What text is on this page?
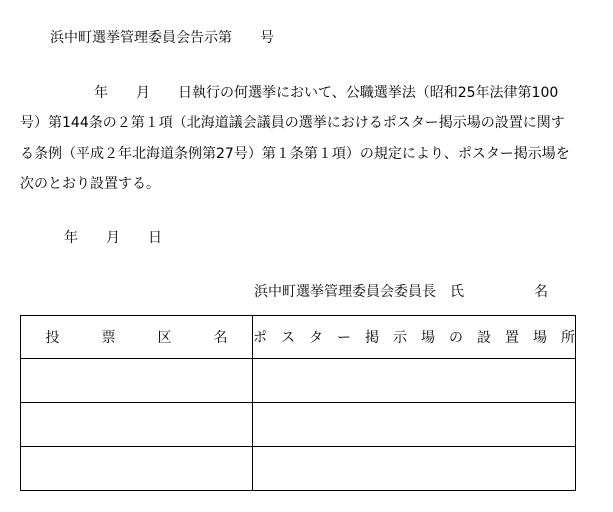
浜中町選挙管理委員会告示第　　号
年　　月　　日執行の何選挙において、公職選挙法（昭和25年法律第100
号）第144条の２第１項（北海道議会議員の選挙におけるポスター掲示場の設置に関す
る条例（平成２年北海道条例第27号）第１条第１項）の規定により、ポスター掲示場を
次のとおり設置する。
年　　月　　日
浜中町選挙管理委員会委員長　氏　　　　　名
投　　　票　　　区　　　名	ポ　ス　タ　ー　掲　示　場　の　設　置　場　所
